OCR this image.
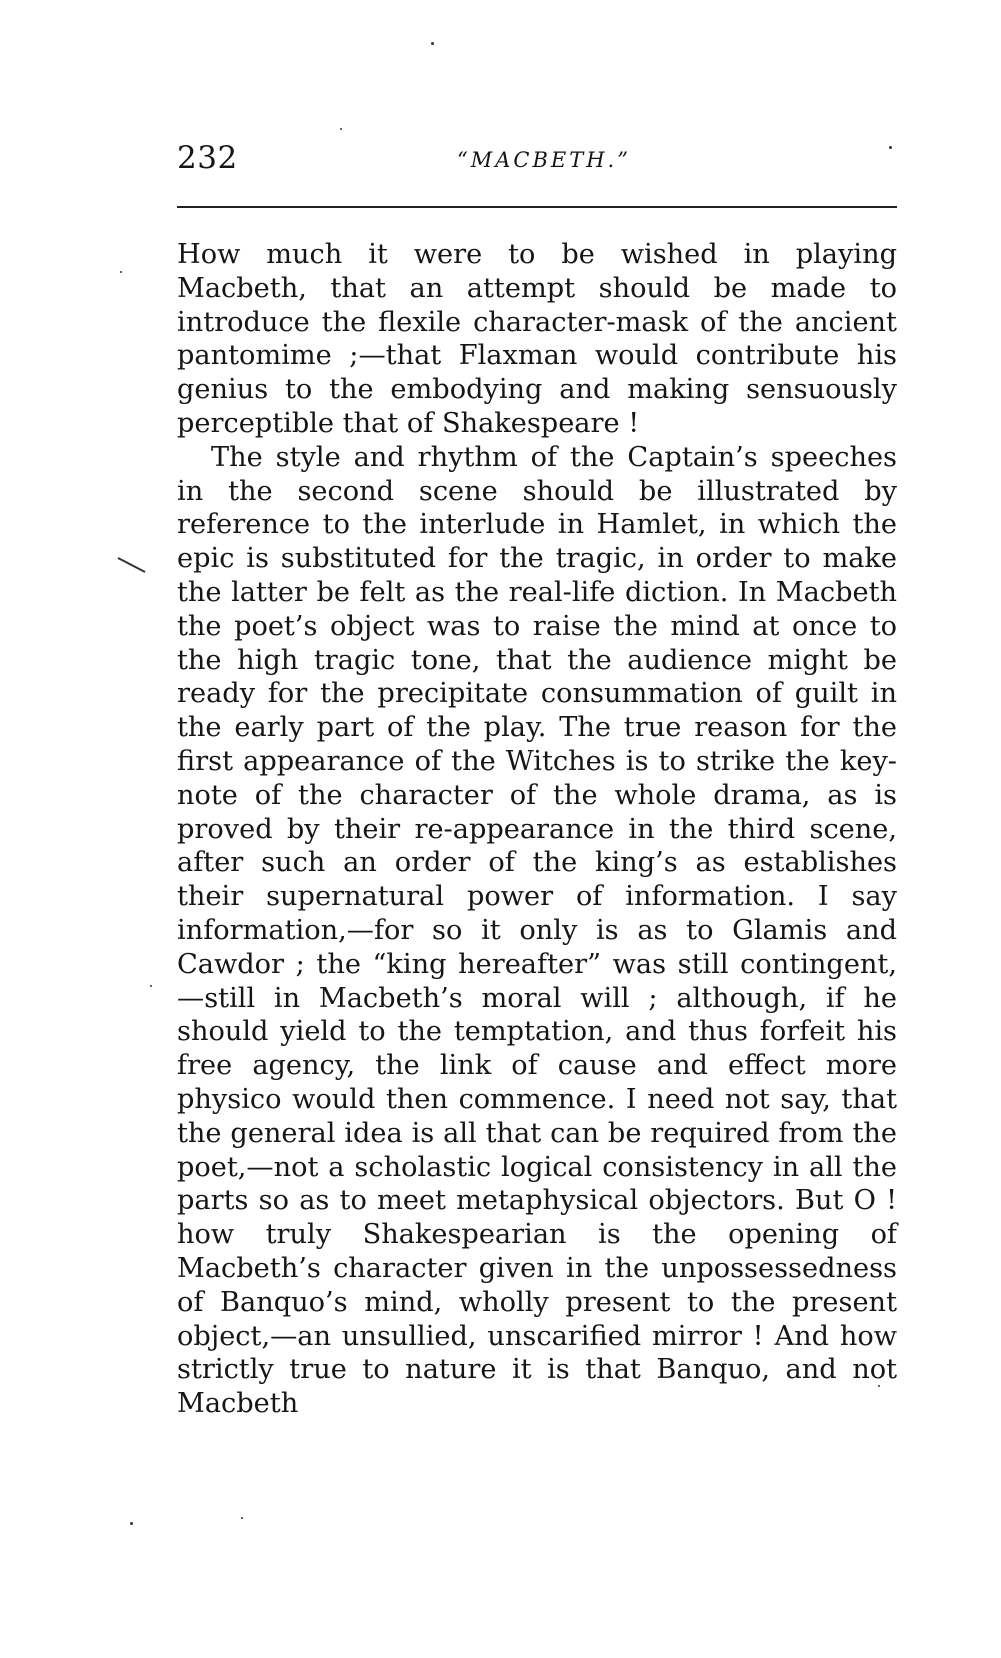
232	“MACBETH.”

How much it were to be wished in playing Macbeth, that an attempt should be made to introduce the flexile character-mask of the ancient pantomime ;—that Flaxman would contribute his genius to the embodying and making sensuously perceptible that of Shakespeare !

The style and rhythm of the Captain’s speeches in the second scene should be illustrated by reference to the interlude in Hamlet, in which the epic is substituted for the tragic, in order to make the latter be felt as the real-life diction. In Macbeth the poet’s object was to raise the mind at once to the high tragic tone, that the audience might be ready for the precipitate consummation of guilt in the early part of the play. The true reason for the first appearance of the Witches is to strike the key-note of the character of the whole drama, as is proved by their re-appearance in the third scene, after such an order of the king’s as establishes their supernatural power of information. I say information,—for so it only is as to Glamis and Cawdor ; the “king hereafter” was still contingent,—still in Macbeth’s moral will ; although, if he should yield to the temptation, and thus forfeit his free agency, the link of cause and effect more physico would then commence. I need not say, that the general idea is all that can be required from the poet,—not a scholastic logical consistency in all the parts so as to meet metaphysical objectors. But O ! how truly Shakespearian is the opening of Macbeth’s character given in the unpossessedness of Banquo’s mind, wholly present to the present object,—an unsullied, unscarified mirror ! And how strictly true to nature it is that Banquo, and not Macbeth
